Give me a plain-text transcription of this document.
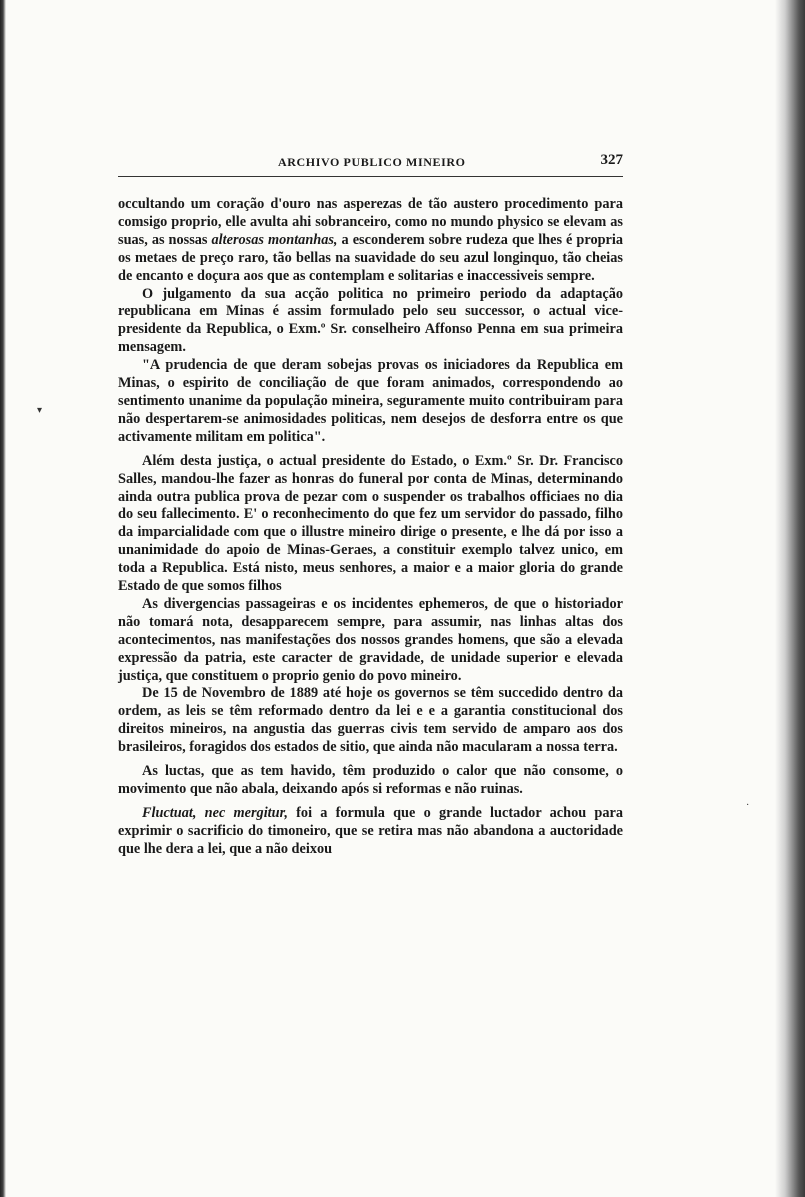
ARCHIVO PUBLICO MINEIRO	327

occultando um coração d'ouro nas asperezas de tão austero procedimento para comsigo proprio, elle avulta ahi sobranceiro, como no mundo physico se elevam as suas, as nossas alterosas montanhas, a esconderem sobre rudeza que lhes é propria os metaes de preço raro, tão bellas na suavidade do seu azul longinquo, tão cheias de encanto e doçura aos que as contemplam e solitarias e inaccessiveis sempre.

O julgamento da sua acção politica no primeiro periodo da adaptação republicana em Minas é assim formulado pelo seu successor, o actual vice-presidente da Republica, o Exm.º Sr. conselheiro Affonso Penna em sua primeira mensagem.

"A prudencia de que deram sobejas provas os iniciadores da Republica em Minas, o espirito de conciliação de que foram animados, correspondendo ao sentimento unanime da população mineira, seguramente muito contribuiram para não despertarem-se animosidades politicas, nem desejos de desforra entre os que activamente militam em politica".

Além desta justiça, o actual presidente do Estado, o Exm.º Sr. Dr. Francisco Salles, mandou-lhe fazer as honras do funeral por conta de Minas, determinando ainda outra publica prova de pezar com o suspender os trabalhos officiaes no dia do seu fallecimento. E' o reconhecimento do que fez um servidor do passado, filho da imparcialidade com que o illustre mineiro dirige o presente, e lhe dá por isso a unanimidade do apoio de Minas-Geraes, a constituir exemplo talvez unico, em toda a Republica. Está nisto, meus senhores, a maior e a maior gloria do grande Estado de que somos filhos

As divergencias passageiras e os incidentes ephemeros, de que o historiador não tomará nota, desapparecem sempre, para assumir, nas linhas altas dos acontecimentos, nas manifestações dos nossos grandes homens, que são a elevada expressão da patria, este caracter de gravidade, de unidade superior e elevada justiça, que constituem o proprio genio do povo mineiro.

De 15 de Novembro de 1889 até hoje os governos se têm succedido dentro da ordem, as leis se têm reformado dentro da lei e e a garantia constitucional dos direitos mineiros, na angustia das guerras civis tem servido de amparo aos dos brasileiros, foragidos dos estados de sitio, que ainda não macularam a nossa terra.

As luctas, que as tem havido, têm produzido o calor que não consome, o movimento que não abala, deixando após si reformas e não ruinas.

Fluctuat, nec mergitur, foi a formula que o grande luctador achou para exprimir o sacrificio do timoneiro, que se retira mas não abandona a auctoridade que lhe dera a lei, que a não deixou

▾
·
